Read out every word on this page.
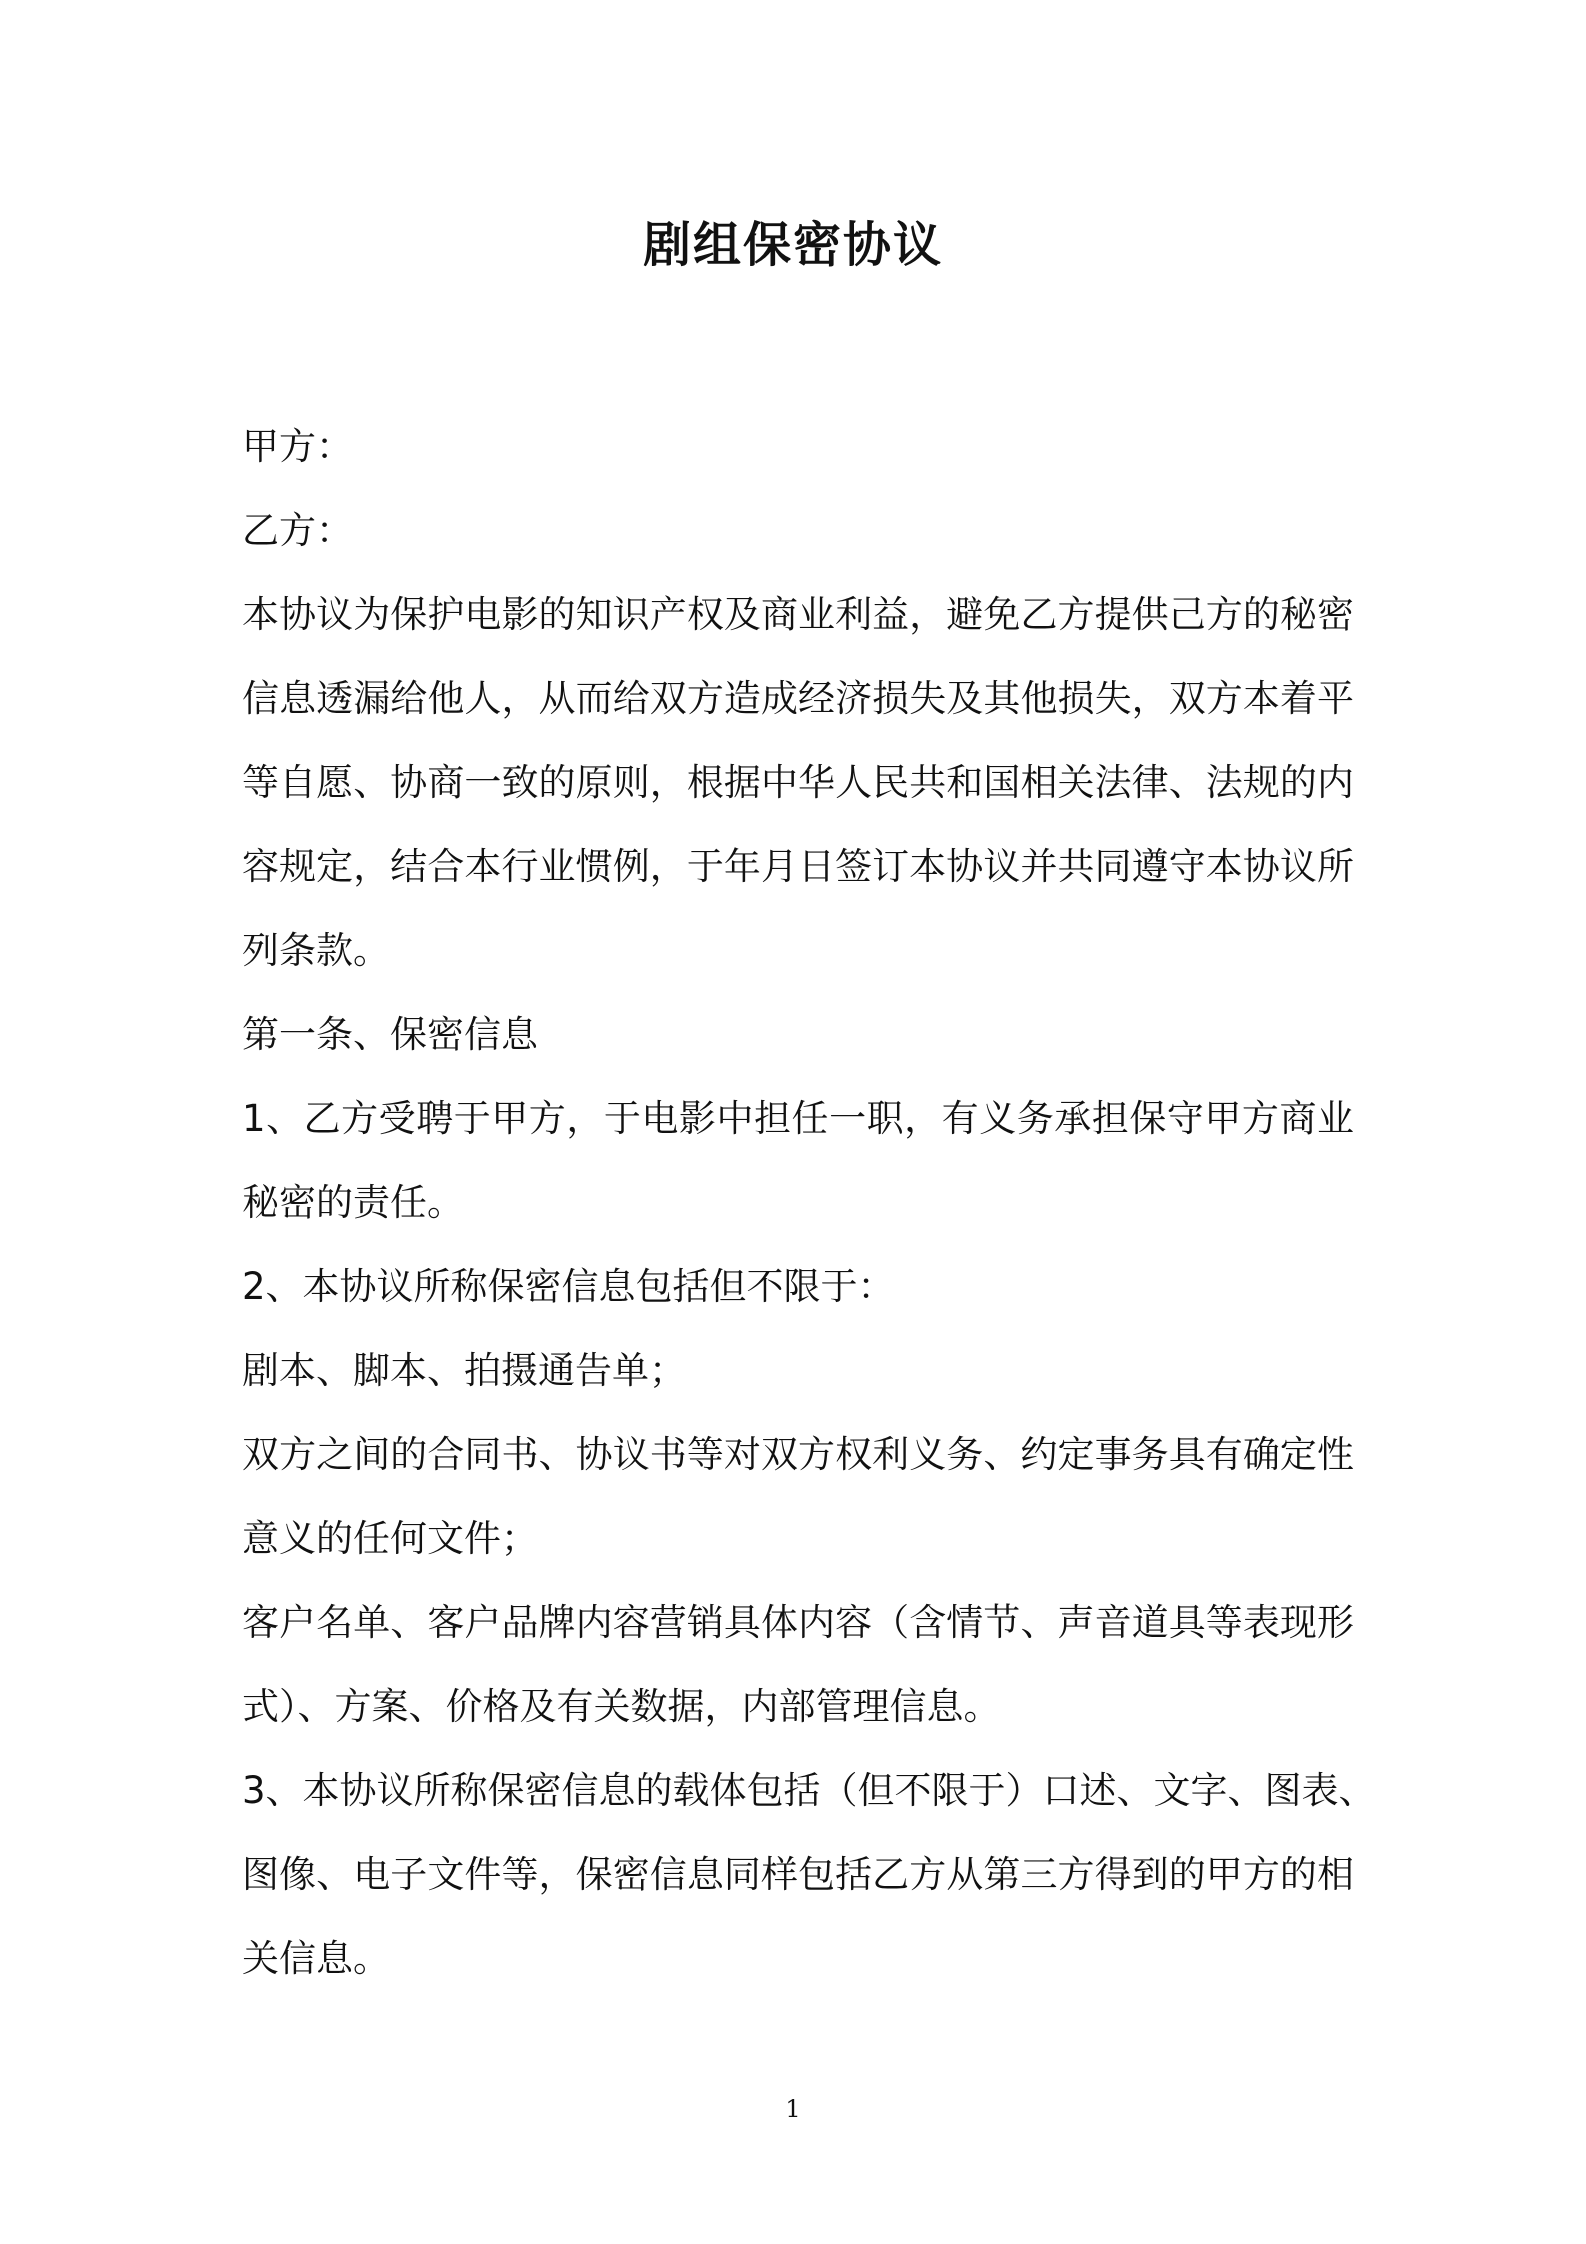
剧组保密协议
甲方：
乙方：
本协议为保护电影的知识产权及商业利益，避免乙方提供己方的秘密
信息透漏给他人，从而给双方造成经济损失及其他损失，双方本着平
等自愿、协商一致的原则，根据中华人民共和国相关法律、法规的内
容规定，结合本行业惯例，于年月日签订本协议并共同遵守本协议所
列条款。
第一条、保密信息
1、乙方受聘于甲方，于电影中担任一职，有义务承担保守甲方商业
秘密的责任。
2、本协议所称保密信息包括但不限于：
剧本、脚本、拍摄通告单；
双方之间的合同书、协议书等对双方权利义务、约定事务具有确定性
意义的任何文件；
客户名单、客户品牌内容营销具体内容（含情节、声音道具等表现形
式）、方案、价格及有关数据，内部管理信息。
3、本协议所称保密信息的载体包括（但不限于）口述、文字、图表、
图像、电子文件等，保密信息同样包括乙方从第三方得到的甲方的相
关信息。
1
